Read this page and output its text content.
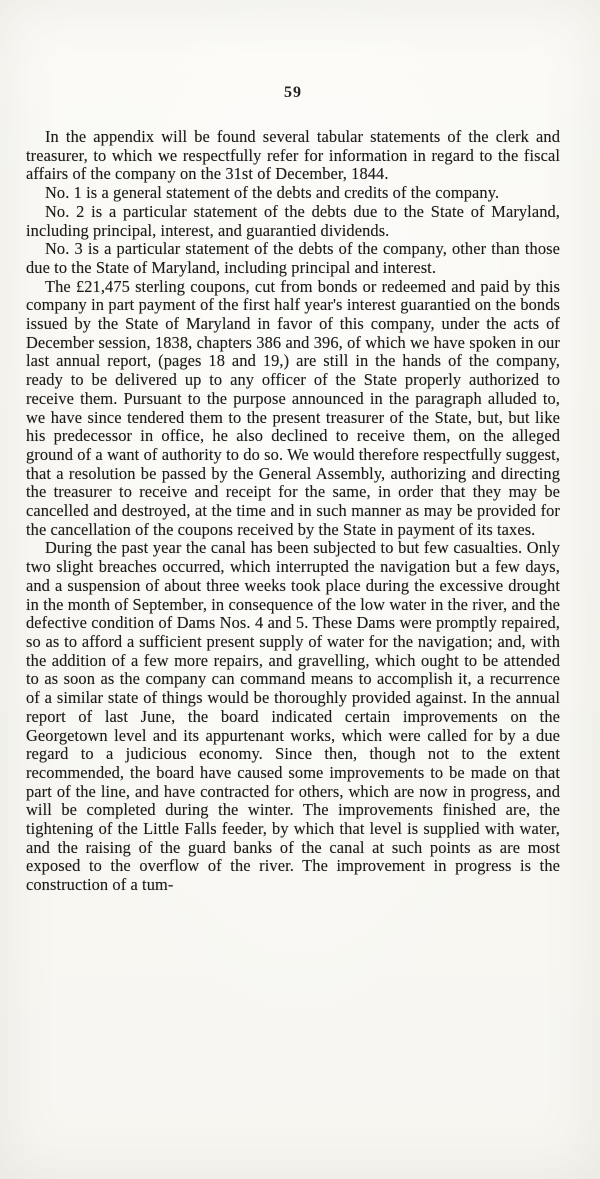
59

In the appendix will be found several tabular statements of the clerk and treasurer, to which we respectfully refer for information in regard to the fiscal affairs of the company on the 31st of December, 1844.

No. 1 is a general statement of the debts and credits of the company.

No. 2 is a particular statement of the debts due to the State of Maryland, including principal, interest, and guarantied dividends.

No. 3 is a particular statement of the debts of the company, other than those due to the State of Maryland, including principal and interest.

The £21,475 sterling coupons, cut from bonds or redeemed and paid by this company in part payment of the first half year's interest guarantied on the bonds issued by the State of Maryland in favor of this company, under the acts of December session, 1838, chapters 386 and 396, of which we have spoken in our last annual report, (pages 18 and 19,) are still in the hands of the company, ready to be delivered up to any officer of the State properly authorized to receive them. Pursuant to the purpose announced in the paragraph alluded to, we have since tendered them to the present treasurer of the State, but, but like his predecessor in office, he also declined to receive them, on the alleged ground of a want of authority to do so. We would therefore respectfully suggest, that a resolution be passed by the General Assembly, authorizing and directing the treasurer to receive and receipt for the same, in order that they may be cancelled and destroyed, at the time and in such manner as may be provided for the cancellation of the coupons received by the State in payment of its taxes.

During the past year the canal has been subjected to but few casualties. Only two slight breaches occurred, which interrupted the navigation but a few days, and a suspension of about three weeks took place during the excessive drought in the month of September, in consequence of the low water in the river, and the defective condition of Dams Nos. 4 and 5. These Dams were promptly repaired, so as to afford a sufficient present supply of water for the navigation; and, with the addition of a few more repairs, and gravelling, which ought to be attended to as soon as the company can command means to accomplish it, a recurrence of a similar state of things would be thoroughly provided against. In the annual report of last June, the board indicated certain improvements on the Georgetown level and its appurtenant works, which were called for by a due regard to a judicious economy. Since then, though not to the extent recommended, the board have caused some improvements to be made on that part of the line, and have contracted for others, which are now in progress, and will be completed during the winter. The improvements finished are, the tightening of the Little Falls feeder, by which that level is supplied with water, and the raising of the guard banks of the canal at such points as are most exposed to the overflow of the river. The improvement in progress is the construction of a tum-
